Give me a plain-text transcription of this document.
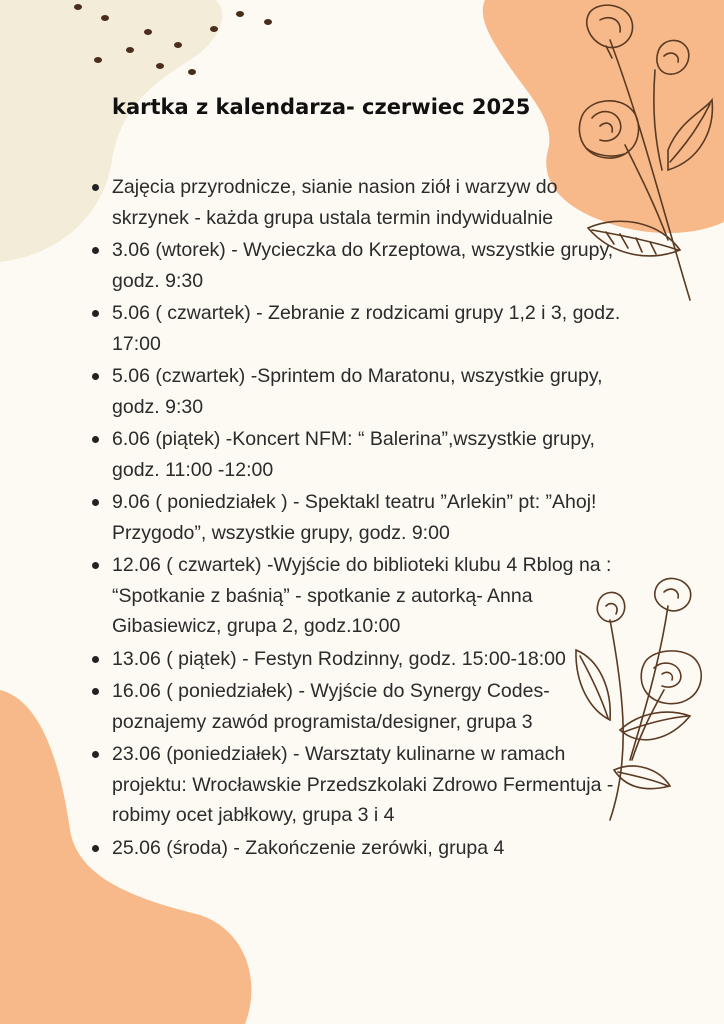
kartka z kalendarza- czerwiec 2025
Zajęcia przyrodnicze, sianie nasion ziół i warzyw do skrzynek - każda grupa ustala termin indywidualnie
3.06 (wtorek) - Wycieczka do Krzeptowa, wszystkie grupy, godz. 9:30
5.06 ( czwartek) - Zebranie z rodzicami grupy 1,2 i 3, godz. 17:00
5.06 (czwartek) -Sprintem do Maratonu, wszystkie grupy, godz. 9:30
6.06 (piątek) -Koncert NFM: “ Balerina”,wszystkie grupy, godz. 11:00 -12:00
9.06 ( poniedziałek ) - Spektakl teatru ”Arlekin” pt: ”Ahoj! Przygodo”, wszystkie grupy, godz. 9:00
12.06 ( czwartek) -Wyjście do biblioteki klubu 4 Rblog na : “Spotkanie z baśnią” - spotkanie z autorką- Anna Gibasiewicz, grupa 2, godz.10:00
13.06 ( piątek) - Festyn Rodzinny, godz. 15:00-18:00
16.06 ( poniedziałek) - Wyjście do Synergy Codes- poznajemy zawód programista/designer, grupa 3
23.06 (poniedziałek) - Warsztaty kulinarne w ramach projektu: Wrocławskie Przedszkolaki Zdrowo Fermentuja - robimy ocet jabłkowy, grupa 3 i 4
25.06 (środa) - Zakończenie zerówki, grupa 4
